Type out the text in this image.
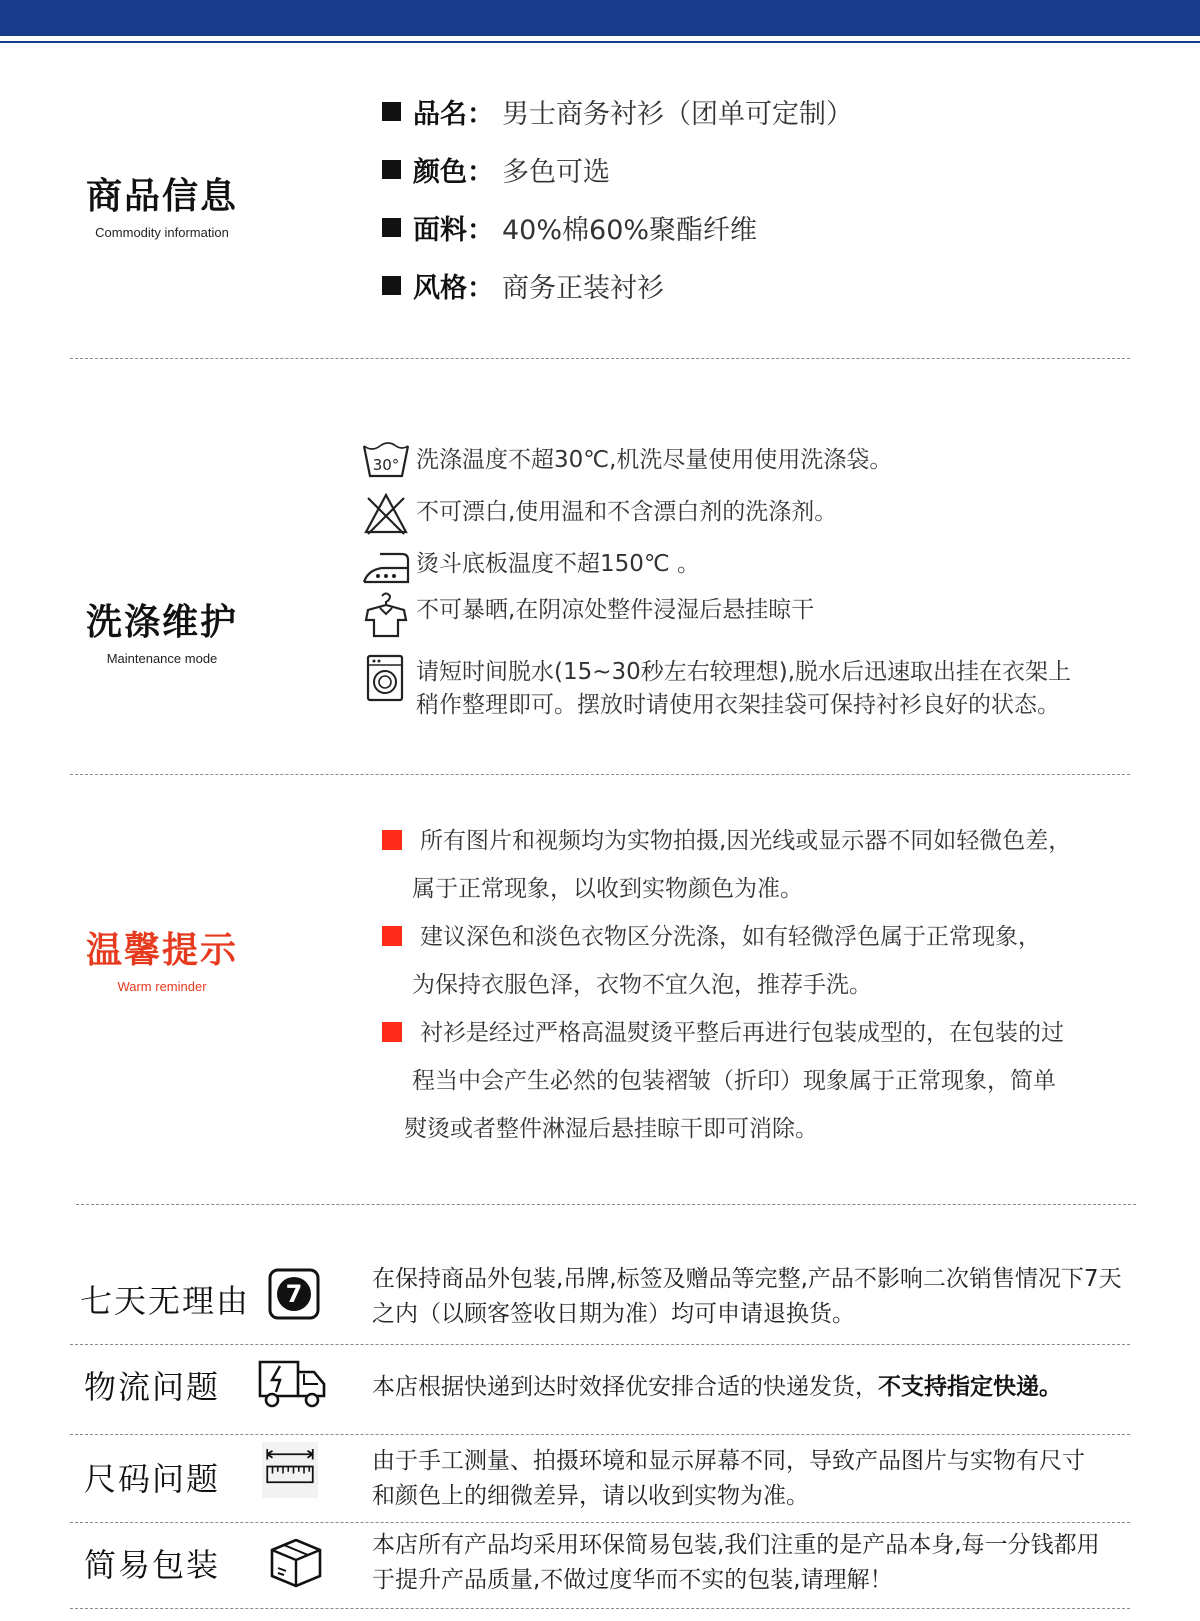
商品信息
Commodity information
品名： 男士商务衬衫（团单可定制）
颜色： 多色可选
面料： 40%棉60%聚酯纤维
风格： 商务正装衬衫
洗涤维护
Maintenance mode
30° 洗涤温度不超30℃,机洗尽量使用使用洗涤袋。
不可漂白,使用温和不含漂白剂的洗涤剂。
烫斗底板温度不超150℃ 。
不可暴晒,在阴凉处整件浸湿后悬挂晾干
请短时间脱水(15~30秒左右较理想),脱水后迅速取出挂在衣架上
稍作整理即可。摆放时请使用衣架挂袋可保持衬衫良好的状态。
温馨提示
Warm reminder
所有图片和视频均为实物拍摄,因光线或显示器不同如轻微色差，
属于正常现象，以收到实物颜色为准。
建议深色和淡色衣物区分洗涤，如有轻微浮色属于正常现象，
为保持衣服色泽，衣物不宜久泡，推荐手洗。
衬衫是经过严格高温熨烫平整后再进行包装成型的，在包装的过
程当中会产生必然的包装褶皱（折印）现象属于正常现象，简单
熨烫或者整件淋湿后悬挂晾干即可消除。
七天无理由 7
在保持商品外包装,吊牌,标签及赠品等完整,产品不影响二次销售情况下7天
之内（以顾客签收日期为准）均可申请退换货。
物流问题	本店根据快递到达时效择优安排合适的快递发货，不支持指定快递。
尺码问题	由于手工测量、拍摄环境和显示屏幕不同，导致产品图片与实物有尺寸
和颜色上的细微差异，请以收到实物为准。
简易包装
本店所有产品均采用环保简易包装,我们注重的是产品本身,每一分钱都用
于提升产品质量,不做过度华而不实的包装,请理解！
